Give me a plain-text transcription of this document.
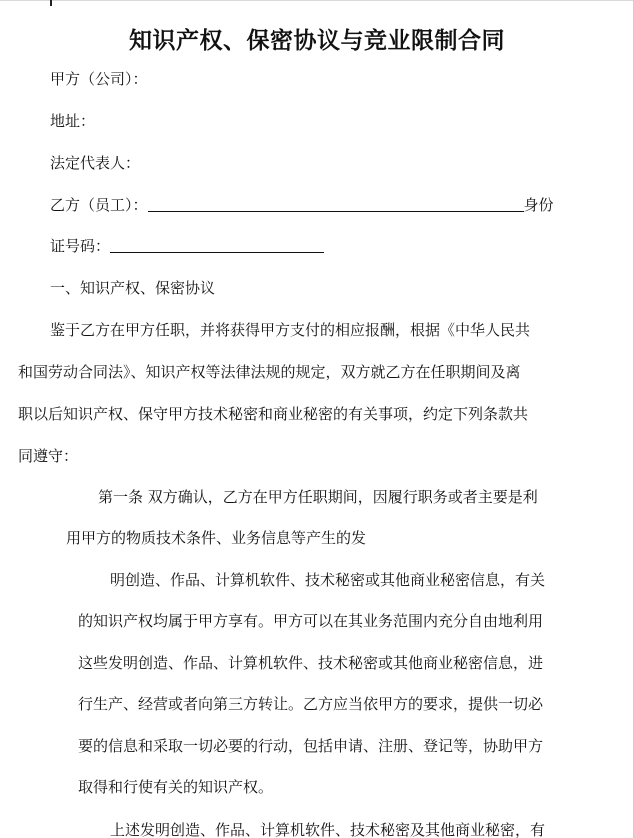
知识产权、保密协议与竞业限制合同
甲方（公司）：
地址：
法定代表人：
乙方（员工）：	身份
证号码：
一、知识产权、保密协议
鉴于乙方在甲方任职，并将获得甲方支付的相应报酬，根据《中华人民共
和国劳动合同法》、知识产权等法律法规的规定，双方就乙方在任职期间及离
职以后知识产权、保守甲方技术秘密和商业秘密的有关事项，约定下列条款共
同遵守：
第一条 双方确认，乙方在甲方任职期间，因履行职务或者主要是利
用甲方的物质技术条件、业务信息等产生的发
明创造、作品、计算机软件、技术秘密或其他商业秘密信息，有关
的知识产权均属于甲方享有。甲方可以在其业务范围内充分自由地利用
这些发明创造、作品、计算机软件、技术秘密或其他商业秘密信息，进
行生产、经营或者向第三方转让。乙方应当依甲方的要求，提供一切必
要的信息和采取一切必要的行动，包括申请、注册、登记等，协助甲方
取得和行使有关的知识产权。
上述发明创造、作品、计算机软件、技术秘密及其他商业秘密，有
